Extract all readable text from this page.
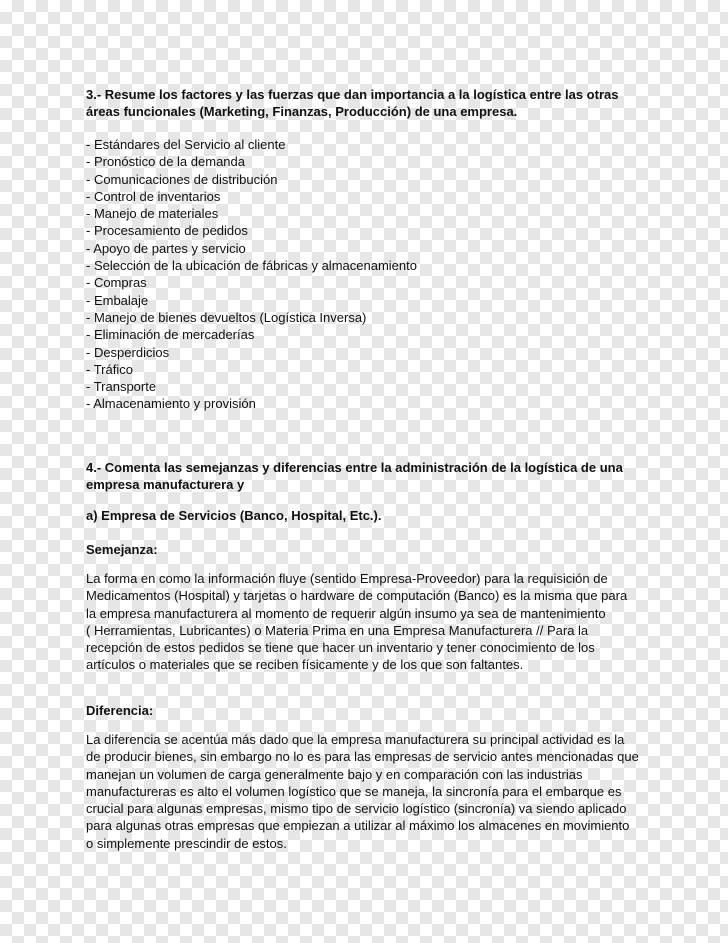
3.- Resume los factores y las fuerzas que dan importancia a la logística entre las otras
áreas funcionales (Marketing, Finanzas, Producción) de una empresa.
- Estándares del Servicio al cliente
- Pronóstico de la demanda
- Comunicaciones de distribución
- Control de inventarios
- Manejo de materiales
- Procesamiento de pedidos
- Apoyo de partes y servicio
- Selección de la ubicación de fábricas y almacenamiento
- Compras
- Embalaje
- Manejo de bienes devueltos (Logística Inversa)
- Eliminación de mercaderías
- Desperdicios
- Tráfico
- Transporte
- Almacenamiento y provisión
4.- Comenta las semejanzas y diferencias entre la administración de la logística de una
empresa manufacturera y
a) Empresa de Servicios (Banco, Hospital, Etc.).
Semejanza:
La forma en como la información fluye (sentido Empresa-Proveedor) para la requisición de
Medicamentos (Hospital) y tarjetas o hardware de computación (Banco) es la misma que para
la empresa manufacturera al momento de requerir algún insumo ya sea de mantenimiento
( Herramientas, Lubricantes) o Materia Prima en una Empresa Manufacturera // Para la
recepción de estos pedidos se tiene que hacer un inventario y tener conocimiento de los
artículos o materiales que se reciben físicamente y de los que son faltantes.
Diferencia:
La diferencia se acentúa más dado que la empresa manufacturera su principal actividad es la
de producir bienes, sin embargo no lo es para las empresas de servicio antes mencionadas que
manejan un volumen de carga generalmente bajo y en comparación con las industrias
manufactureras es alto el volumen logístico que se maneja, la sincronía para el embarque es
crucial para algunas empresas, mismo tipo de servicio logístico (sincronía) va siendo aplicado
para algunas otras empresas que empiezan a utilizar al máximo los almacenes en movimiento
o simplemente prescindir de estos.
